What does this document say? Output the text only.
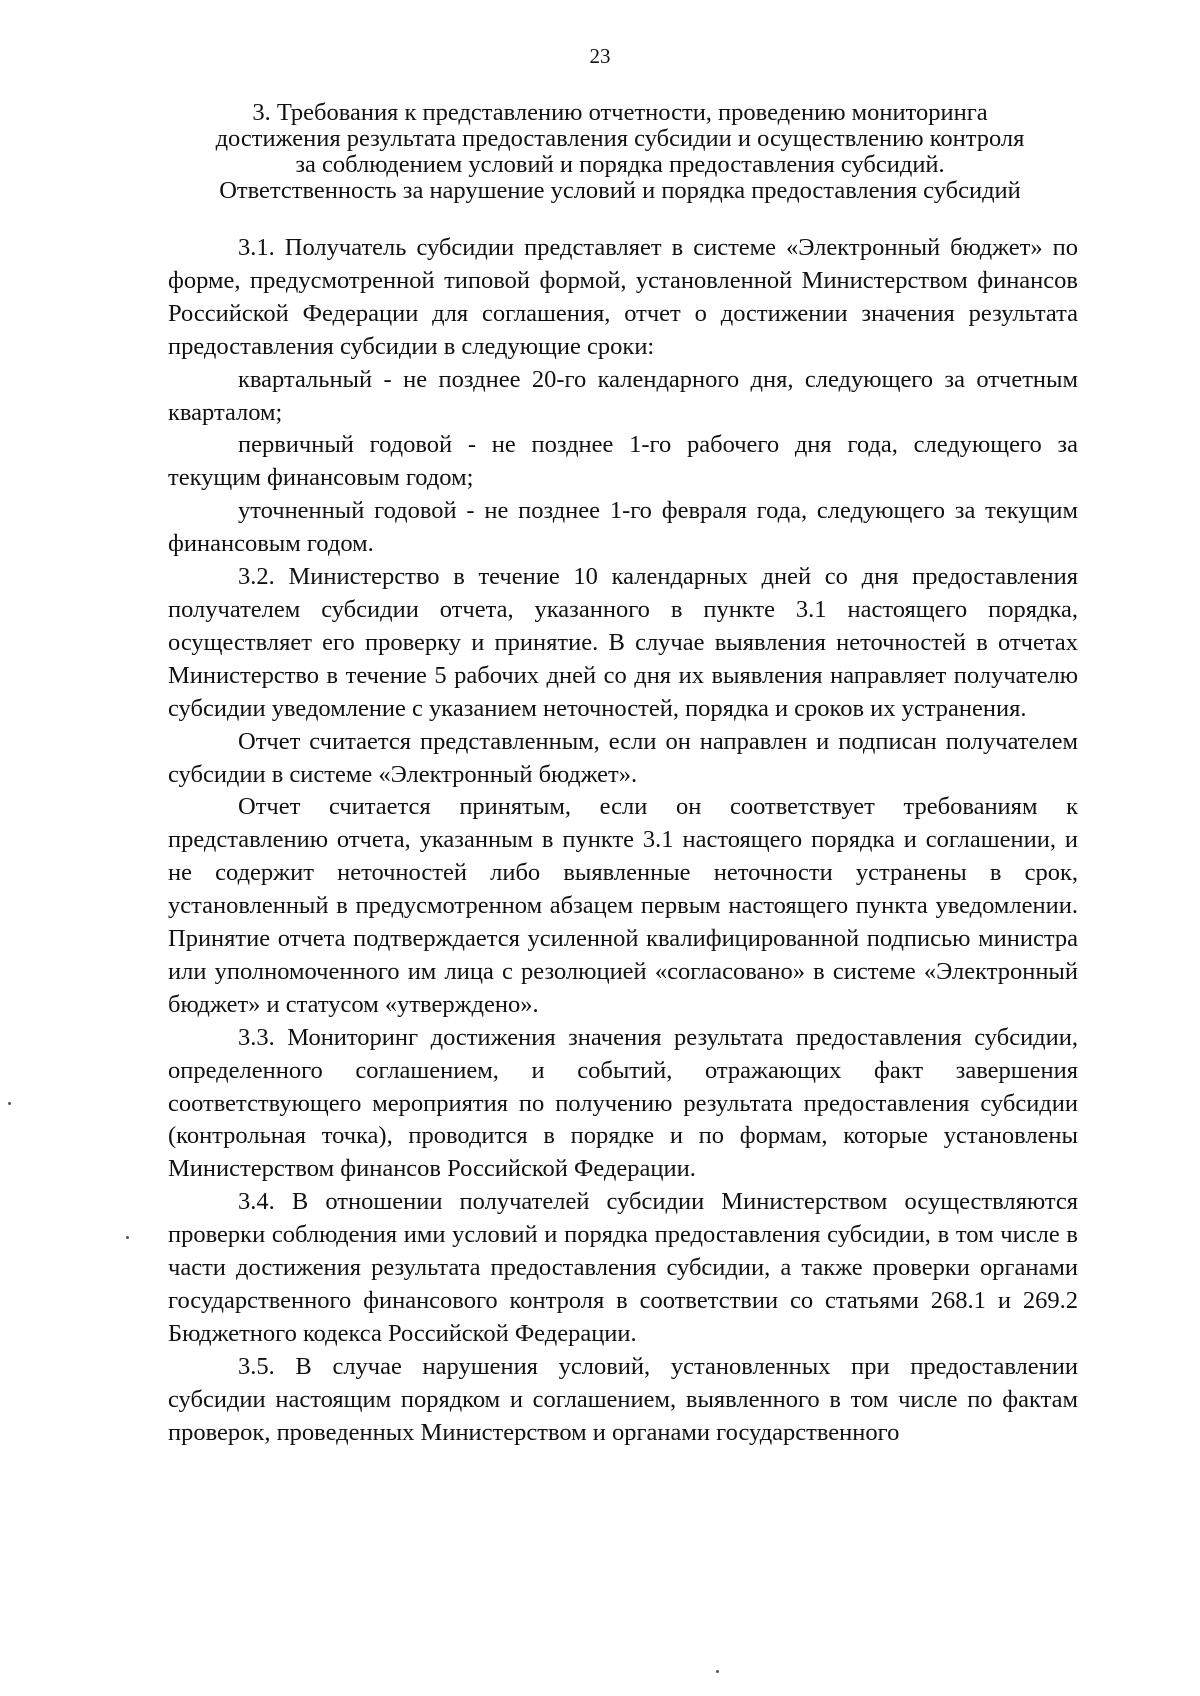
23
3. Требования к представлению отчетности, проведению мониторинга
достижения результата предоставления субсидии и осуществлению контроля
за соблюдением условий и порядка предоставления субсидий.
Ответственность за нарушение условий и порядка предоставления субсидий

3.1. Получатель субсидии представляет в системе «Электронный бюджет» по форме, предусмотренной типовой формой, установленной Министерством финансов Российской Федерации для соглашения, отчет о достижении значения результата предоставления субсидии в следующие сроки:

квартальный - не позднее 20-го календарного дня, следующего за отчетным кварталом;

первичный годовой - не позднее 1-го рабочего дня года, следующего за текущим финансовым годом;

уточненный годовой - не позднее 1-го февраля года, следующего за текущим финансовым годом.

3.2. Министерство в течение 10 календарных дней со дня предоставления получателем субсидии отчета, указанного в пункте 3.1 настоящего порядка, осуществляет его проверку и принятие. В случае выявления неточностей в отчетах Министерство в течение 5 рабочих дней со дня их выявления направляет получателю субсидии уведомление с указанием неточностей, порядка и сроков их устранения.

Отчет считается представленным, если он направлен и подписан получателем субсидии в системе «Электронный бюджет».

Отчет считается принятым, если он соответствует требованиям к представлению отчета, указанным в пункте 3.1 настоящего порядка и соглашении, и не содержит неточностей либо выявленные неточности устранены в срок, установленный в предусмотренном абзацем первым настоящего пункта уведомлении. Принятие отчета подтверждается усиленной квалифицированной подписью министра или уполномоченного им лица с резолюцией «согласовано» в системе «Электронный бюджет» и статусом «утверждено».

3.3. Мониторинг достижения значения результата предоставления субсидии, определенного соглашением, и событий, отражающих факт завершения соответствующего мероприятия по получению результата предоставления субсидии (контрольная точка), проводится в порядке и по формам, которые установлены Министерством финансов Российской Федерации.

3.4. В отношении получателей субсидии Министерством осуществляются проверки соблюдения ими условий и порядка предоставления субсидии, в том числе в части достижения результата предоставления субсидии, а также проверки органами государственного финансового контроля в соответствии со статьями 268.1 и 269.2 Бюджетного кодекса Российской Федерации.

3.5. В случае нарушения условий, установленных при предоставлении субсидии настоящим порядком и соглашением, выявленного в том числе по фактам проверок, проведенных Министерством и органами государственного
